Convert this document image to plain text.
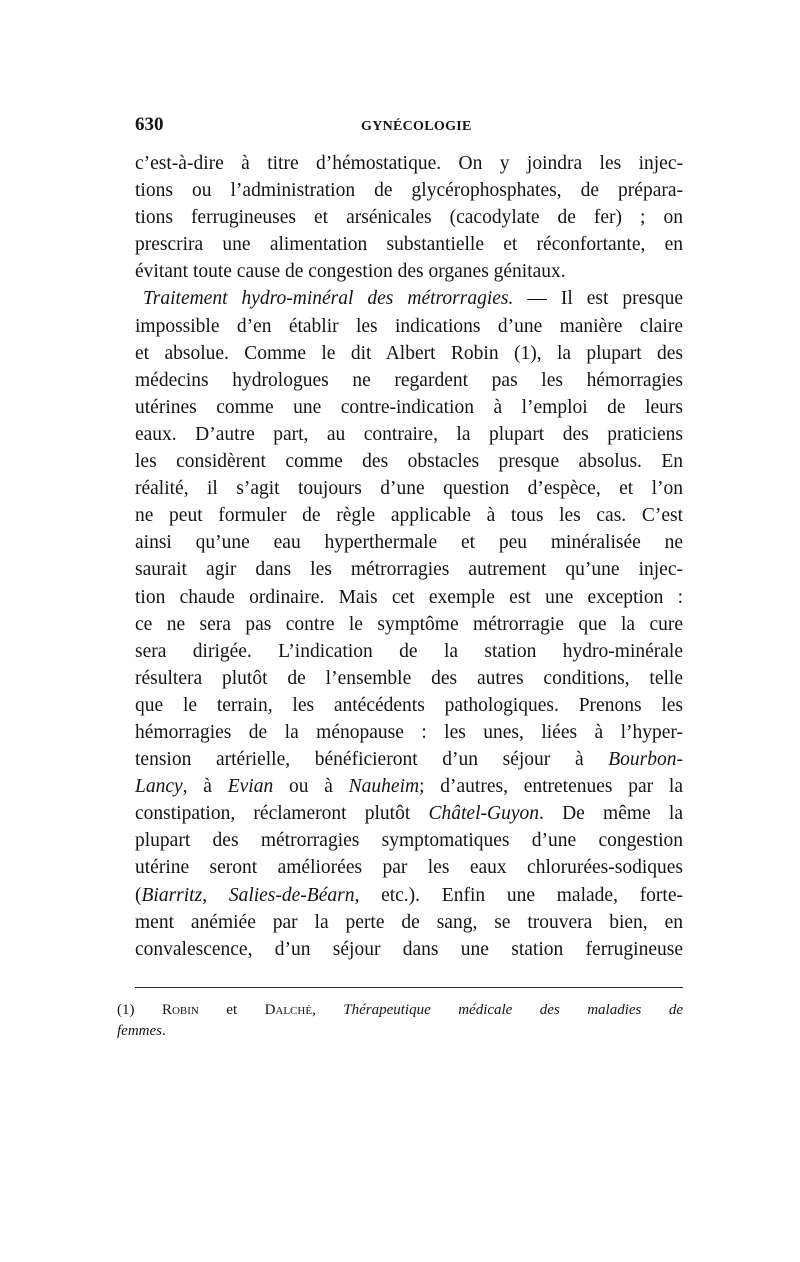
630	GYNÉCOLOGIE
c’est-à-dire à titre d’hémostatique. On y joindra les injec-
tions ou l’administration de glycérophosphates, de prépara-
tions ferrugineuses et arsénicales (cacodylate de fer) ; on
prescrira une alimentation substantielle et réconfortante, en
évitant toute cause de congestion des organes génitaux.
Traitement hydro-minéral des métrorragies. — Il est presque
impossible d’en établir les indications d’une manière claire
et absolue. Comme le dit Albert Robin (1), la plupart des
médecins hydrologues ne regardent pas les hémorragies
utérines comme une contre-indication à l’emploi de leurs
eaux. D’autre part, au contraire, la plupart des praticiens
les considèrent comme des obstacles presque absolus. En
réalité, il s’agit toujours d’une question d’espèce, et l’on
ne peut formuler de règle applicable à tous les cas. C’est
ainsi qu’une eau hyperthermale et peu minéralisée ne
saurait agir dans les métrorragies autrement qu’une injec-
tion chaude ordinaire. Mais cet exemple est une exception :
ce ne sera pas contre le symptôme métrorragie que la cure
sera dirigée. L’indication de la station hydro-minérale
résultera plutôt de l’ensemble des autres conditions, telle
que le terrain, les antécédents pathologiques. Prenons les
hémorragies de la ménopause : les unes, liées à l’hyper-
tension artérielle, bénéficieront d’un séjour à Bourbon-
Lancy, à Evian ou à Nauheim; d’autres, entretenues par la
constipation, réclameront plutôt Châtel-Guyon. De même la
plupart des métrorragies symptomatiques d’une congestion
utérine seront améliorées par les eaux chlorurées-sodiques
(Biarritz, Salies-de-Béarn, etc.). Enfin une malade, forte-
ment anémiée par la perte de sang, se trouvera bien, en
convalescence, d’un séjour dans une station ferrugineuse
(1) Robin et Dalché, Thérapeutique médicale des maladies de
femmes.
